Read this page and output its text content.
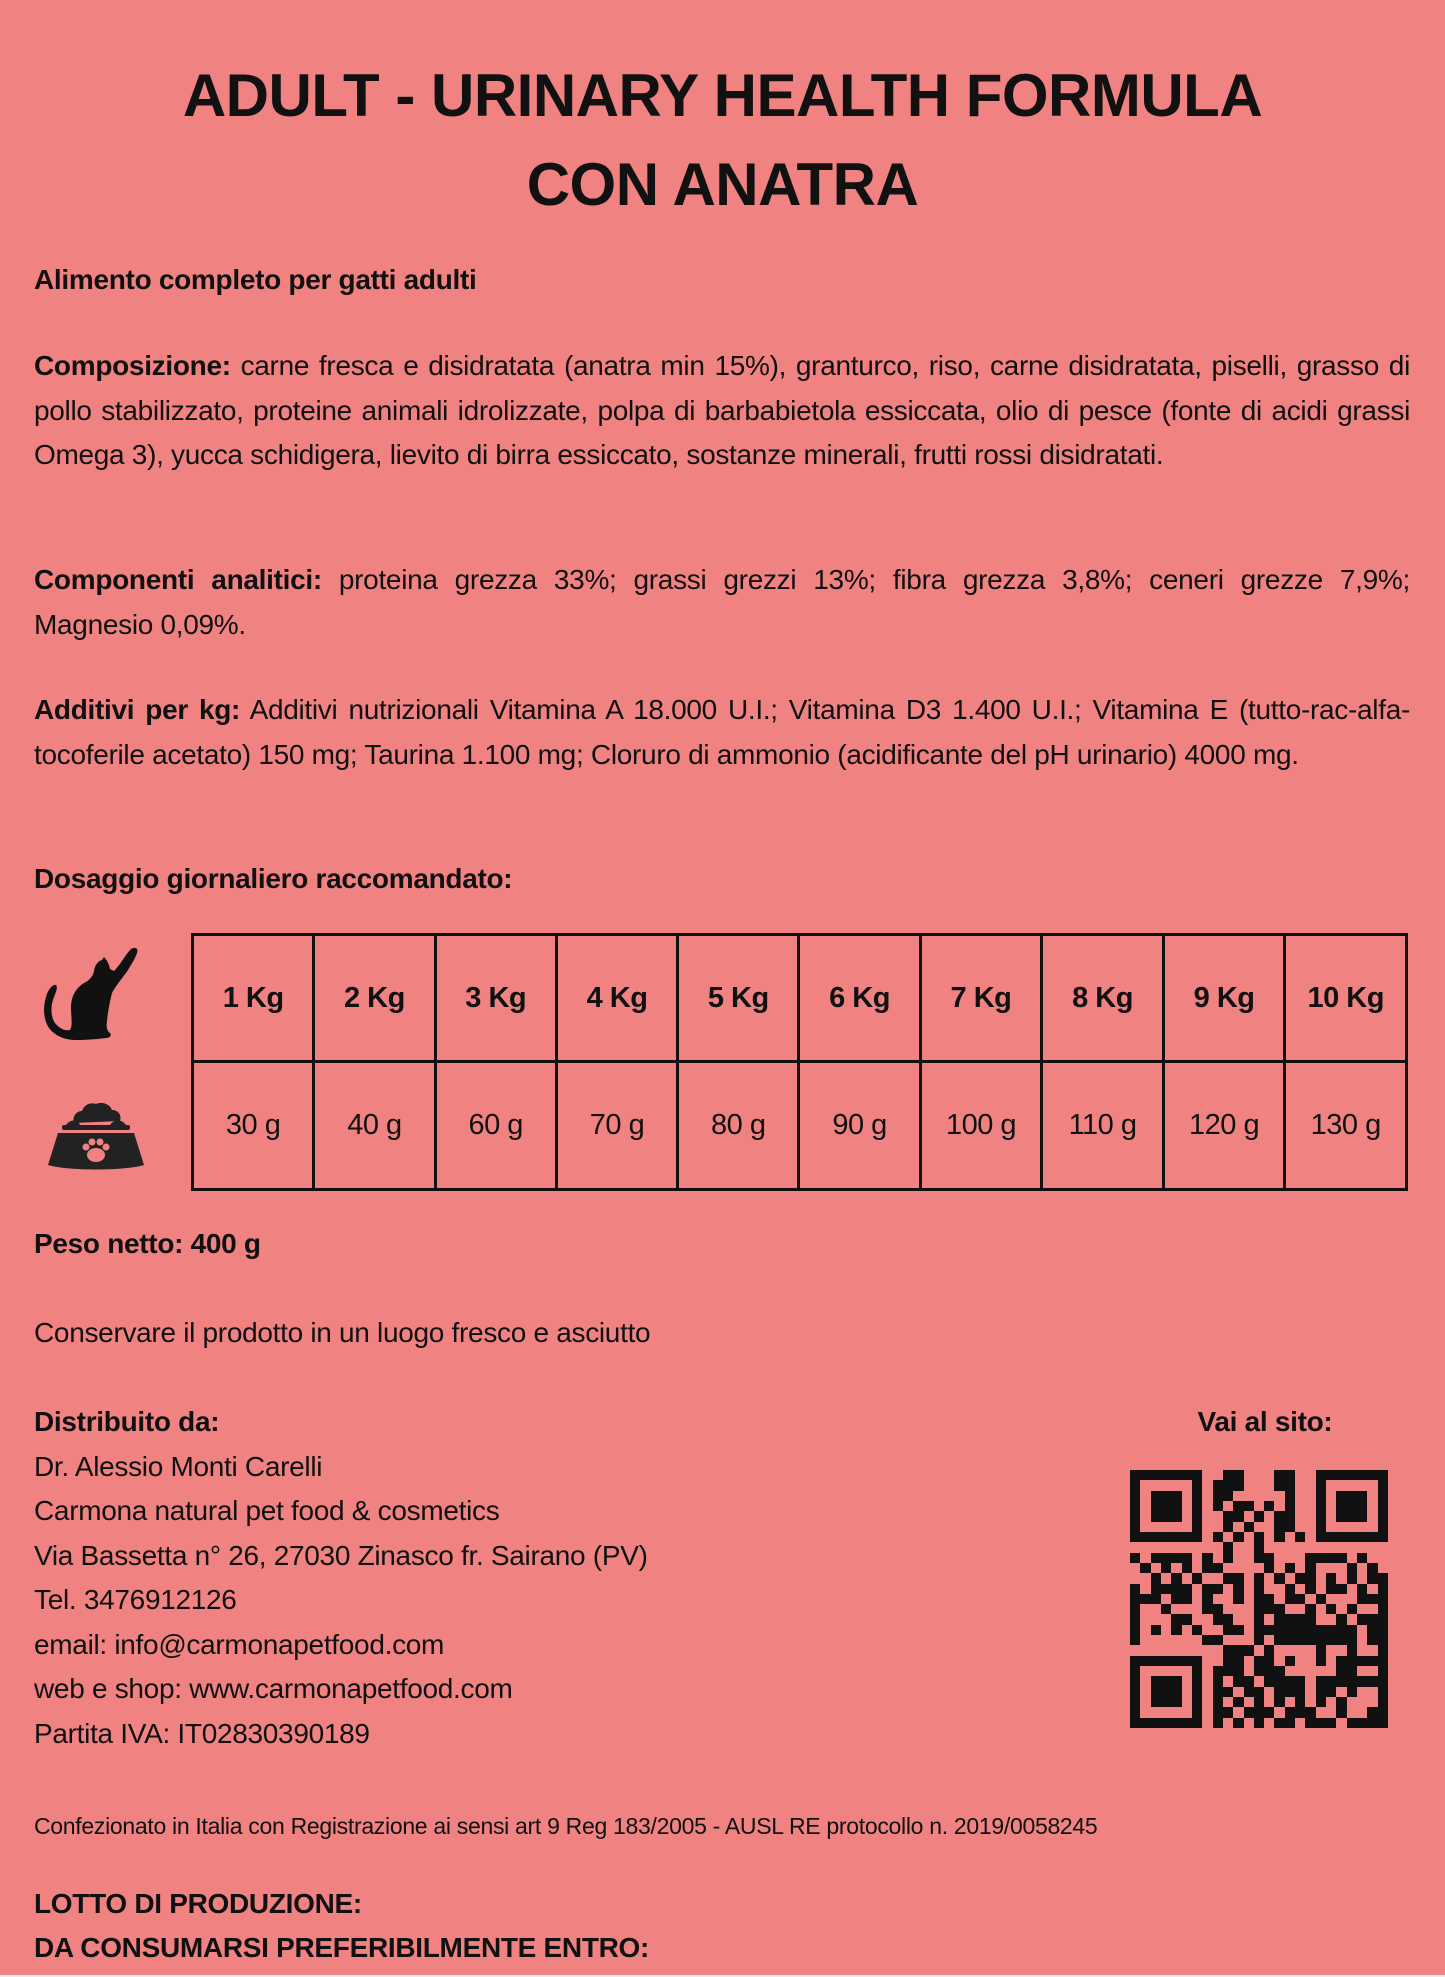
ADULT - URINARY HEALTH FORMULA
CON ANATRA
Alimento completo per gatti adulti
Composizione: carne fresca e disidratata (anatra min 15%), granturco, riso, carne disidratata, piselli, grasso di pollo stabilizzato, proteine animali idrolizzate, polpa di barbabietola essiccata, olio di pesce (fonte di acidi grassi Omega 3), yucca schidigera, lievito di birra essiccato, sostanze minerali, frutti rossi disidratati.
Componenti analitici: proteina grezza 33%; grassi grezzi 13%; fibra grezza 3,8%; ceneri grezze 7,9%; Magnesio 0,09%.
Additivi per kg: Additivi nutrizionali Vitamina A 18.000 U.I.; Vitamina D3 1.400 U.I.; Vitamina E (tutto-rac-alfa-tocoferile acetato) 150 mg; Taurina 1.100 mg; Cloruro di ammonio (acidificante del pH urinario) 4000 mg.
Dosaggio giornaliero raccomandato:
1 Kg	2 Kg	3 Kg	4 Kg	5 Kg	6 Kg	7 Kg	8 Kg	9 Kg	10 Kg
30 g	40 g	60 g	70 g	80 g	90 g	100 g	110 g	120 g	130 g
Peso netto: 400 g
Conservare il prodotto in un luogo fresco e asciutto
Distribuito da:
Dr. Alessio Monti Carelli
Carmona natural pet food & cosmetics
Via Bassetta n° 26, 27030 Zinasco fr. Sairano (PV)
Tel. 3476912126
email: info@carmonapetfood.com
web e shop: www.carmonapetfood.com
Partita IVA: IT02830390189
Vai al sito:
Confezionato in Italia con Registrazione ai sensi art 9 Reg 183/2005 - AUSL RE protocollo n. 2019/0058245
LOTTO DI PRODUZIONE:
DA CONSUMARSI PREFERIBILMENTE ENTRO:
